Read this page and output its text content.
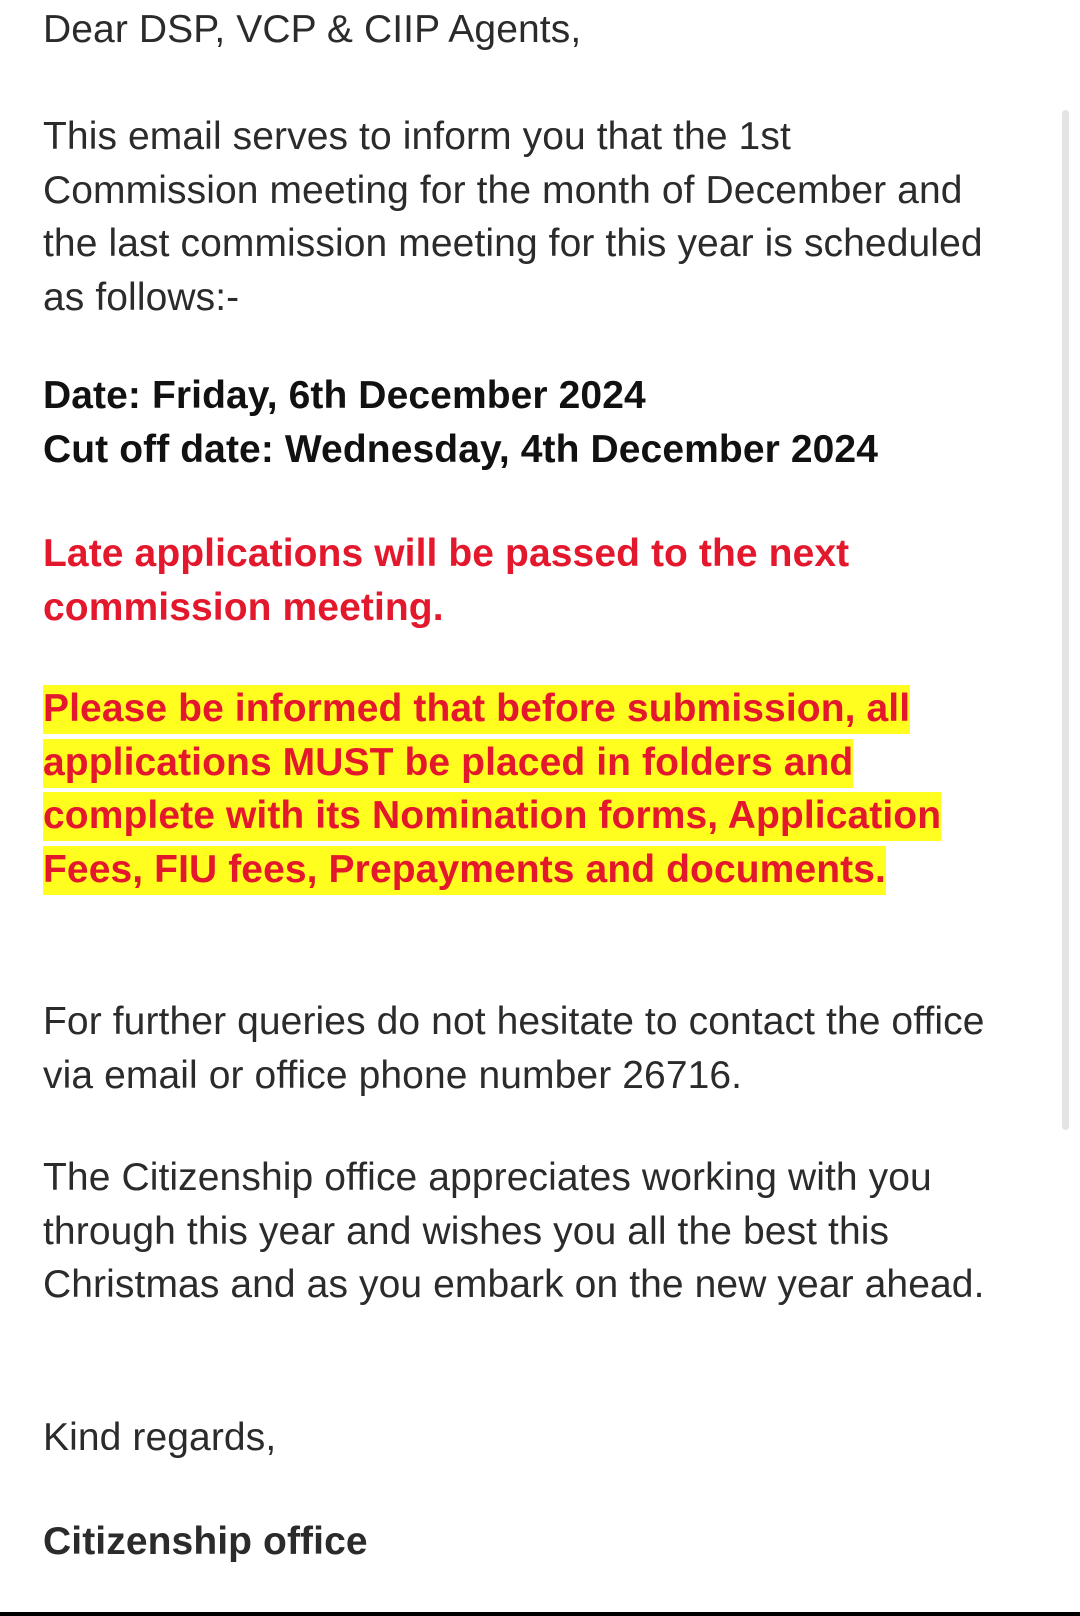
Dear DSP, VCP & CIIP Agents,

This email serves to inform you that the 1st Commission meeting for the month of December and the last commission meeting for this year is scheduled as follows:-

Date: Friday, 6th December 2024
Cut off date: Wednesday, 4th December 2024

Late applications will be passed to the next commission meeting.

Please be informed that before submission, all applications MUST be placed in folders and complete with its Nomination forms, Application Fees, FIU fees, Prepayments and documents.

For further queries do not hesitate to contact the office via email or office phone number 26716.

The Citizenship office appreciates working with you through this year and wishes you all the best this Christmas and as you embark on the new year ahead.

Kind regards,

Citizenship office
